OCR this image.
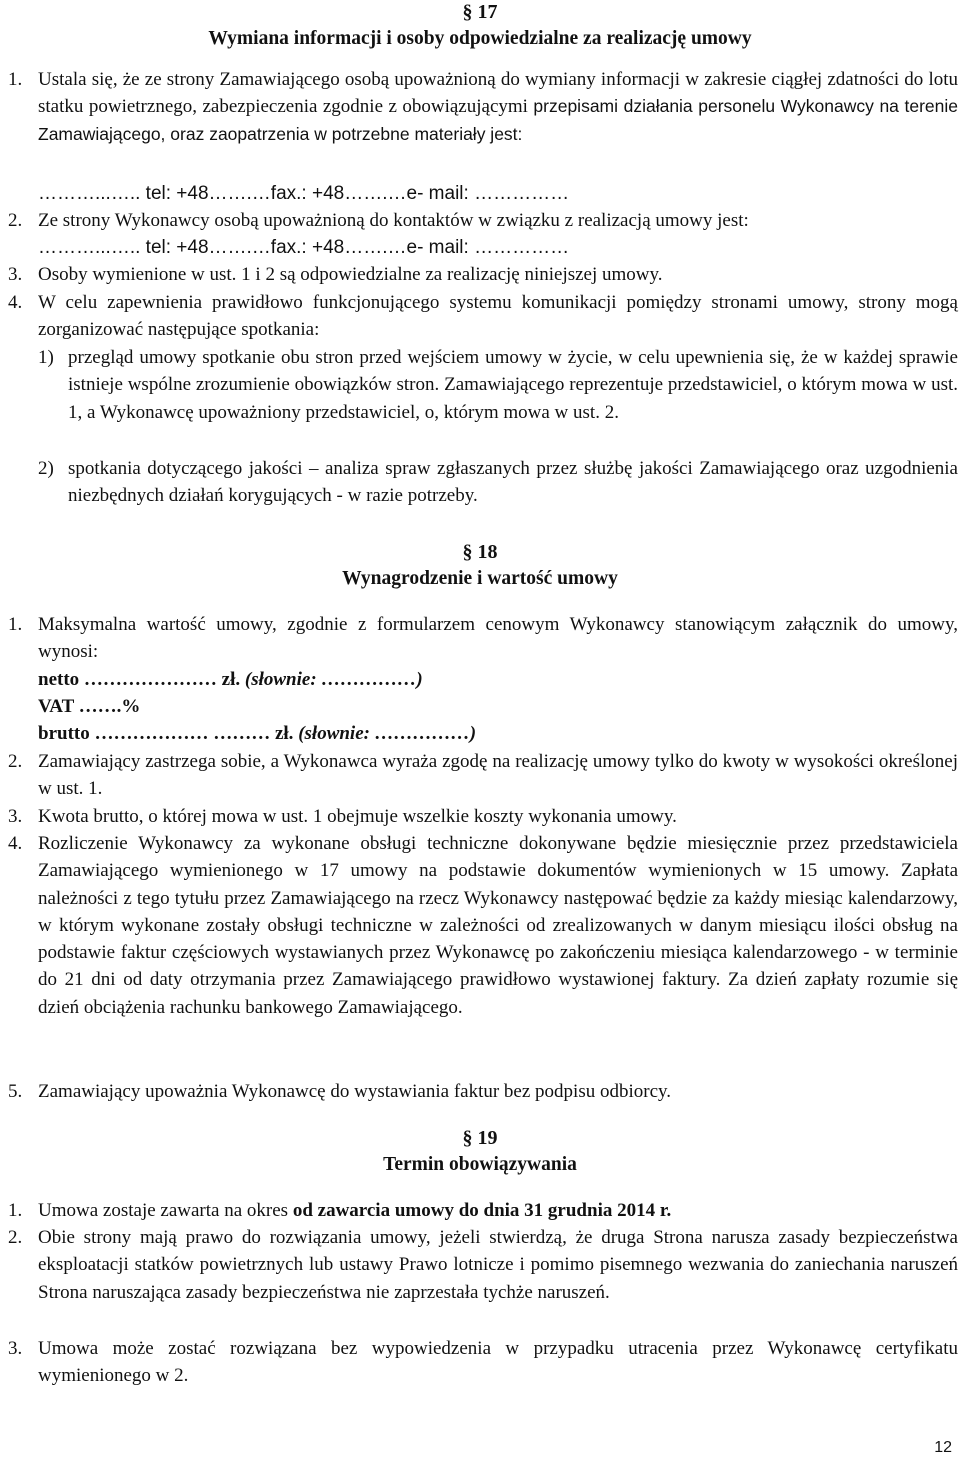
§ 17
Wymiana informacji i osoby odpowiedzialne za realizację umowy
1. Ustala się, że ze strony Zamawiającego osobą upoważnioną do wymiany informacji w zakresie ciągłej zdatności do lotu statku powietrznego, zabezpieczenia zgodnie z obowiązującymi przepisami działania personelu Wykonawcy na terenie Zamawiającego, oraz zaopatrzenia w potrzebne materiały jest:
………...….. tel: +48…….…fax.: +48…….…e- mail: ……………
2. Ze strony Wykonawcy osobą upoważnioną do kontaktów w związku z realizacją umowy jest:
………...….. tel: +48…….…fax.: +48…….…e- mail: ……………
3. Osoby wymienione w ust. 1 i 2 są odpowiedzialne za realizację niniejszej umowy.
4. W celu zapewnienia prawidłowo funkcjonującego systemu komunikacji pomiędzy stronami umowy, strony mogą zorganizować następujące spotkania:
1) przegląd umowy spotkanie obu stron przed wejściem umowy w życie, w celu upewnienia się, że w każdej sprawie istnieje wspólne zrozumienie obowiązków stron. Zamawiającego reprezentuje przedstawiciel, o którym mowa w ust. 1, a Wykonawcę upoważniony przedstawiciel, o, którym mowa w ust. 2.
2) spotkania dotyczącego jakości – analiza spraw zgłaszanych przez służbę jakości Zamawiającego oraz uzgodnienia niezbędnych działań korygujących - w razie potrzeby.
§ 18
Wynagrodzenie i wartość umowy
1. Maksymalna wartość umowy, zgodnie z formularzem cenowym Wykonawcy stanowiącym załącznik do umowy, wynosi:
netto ………………… zł. (słownie: ……………)
VAT …….%
brutto ……………… ……… zł. (słownie: ……………)
2. Zamawiający zastrzega sobie, a Wykonawca wyraża zgodę na realizację umowy tylko do kwoty w wysokości określonej w ust. 1.
3. Kwota brutto, o której mowa w ust. 1 obejmuje wszelkie koszty wykonania umowy.
4. Rozliczenie Wykonawcy za wykonane obsługi techniczne dokonywane będzie miesięcznie przez przedstawiciela Zamawiającego wymienionego w 17 umowy na podstawie dokumentów wymienionych w 15 umowy. Zapłata należności z tego tytułu przez Zamawiającego na rzecz Wykonawcy następować będzie za każdy miesiąc kalendarzowy, w którym wykonane zostały obsługi techniczne w zależności od zrealizowanych w danym miesiącu ilości obsług na podstawie faktur częściowych wystawianych przez Wykonawcę po zakończeniu miesiąca kalendarzowego - w terminie do 21 dni od daty otrzymania przez Zamawiającego prawidłowo wystawionej faktury. Za dzień zapłaty rozumie się dzień obciążenia rachunku bankowego Zamawiającego.
5. Zamawiający upoważnia Wykonawcę do wystawiania faktur bez podpisu odbiorcy.
§ 19
Termin obowiązywania
1. Umowa zostaje zawarta na okres od zawarcia umowy do dnia 31 grudnia 2014 r.
2. Obie strony mają prawo do rozwiązania umowy, jeżeli stwierdzą, że druga Strona narusza zasady bezpieczeństwa eksploatacji statków powietrznych lub ustawy Prawo lotnicze i pomimo pisemnego wezwania do zaniechania naruszeń Strona naruszająca zasady bezpieczeństwa nie zaprzestała tychże naruszeń.
3. Umowa może zostać rozwiązana bez wypowiedzenia w przypadku utracenia przez Wykonawcę certyfikatu wymienionego w 2.
12
